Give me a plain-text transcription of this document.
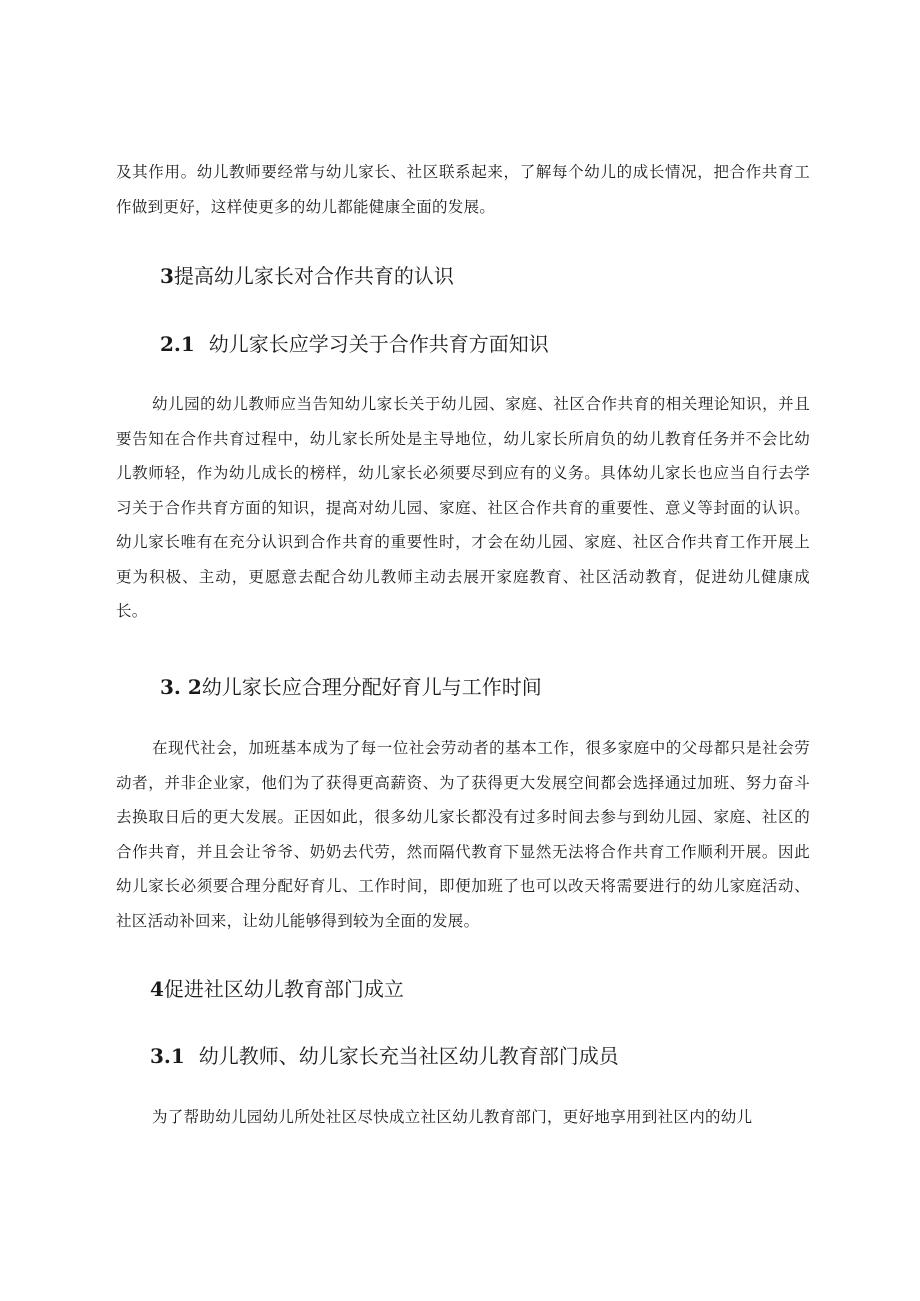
及其作用。幼儿教师要经常与幼儿家长、社区联系起来，了解每个幼儿的成长情况，把合作共育工作做到更好，这样使更多的幼儿都能健康全面的发展。

3提高幼儿家长对合作共育的认识
2.1 幼儿家长应学习关于合作共育方面知识

幼儿园的幼儿教师应当告知幼儿家长关于幼儿园、家庭、社区合作共育的相关理论知识，并且要告知在合作共育过程中，幼儿家长所处是主导地位，幼儿家长所肩负的幼儿教育任务并不会比幼儿教师轻，作为幼儿成长的榜样，幼儿家长必须要尽到应有的义务。具体幼儿家长也应当自行去学习关于合作共育方面的知识，提高对幼儿园、家庭、社区合作共育的重要性、意义等封面的认识。幼儿家长唯有在充分认识到合作共育的重要性时，才会在幼儿园、家庭、社区合作共育工作开展上更为积极、主动，更愿意去配合幼儿教师主动去展开家庭教育、社区活动教育，促进幼儿健康成长。

3. 2幼儿家长应合理分配好育儿与工作时间

在现代社会，加班基本成为了每一位社会劳动者的基本工作，很多家庭中的父母都只是社会劳动者，并非企业家，他们为了获得更高薪资、为了获得更大发展空间都会选择通过加班、努力奋斗去换取日后的更大发展。正因如此，很多幼儿家长都没有过多时间去参与到幼儿园、家庭、社区的合作共育，并且会让爷爷、奶奶去代劳，然而隔代教育下显然无法将合作共育工作顺利开展。因此幼儿家长必须要合理分配好育儿、工作时间，即便加班了也可以改天将需要进行的幼儿家庭活动、社区活动补回来，让幼儿能够得到较为全面的发展。

4促进社区幼儿教育部门成立
3.1 幼儿教师、幼儿家长充当社区幼儿教育部门成员

为了帮助幼儿园幼儿所处社区尽快成立社区幼儿教育部门，更好地享用到社区内的幼儿
